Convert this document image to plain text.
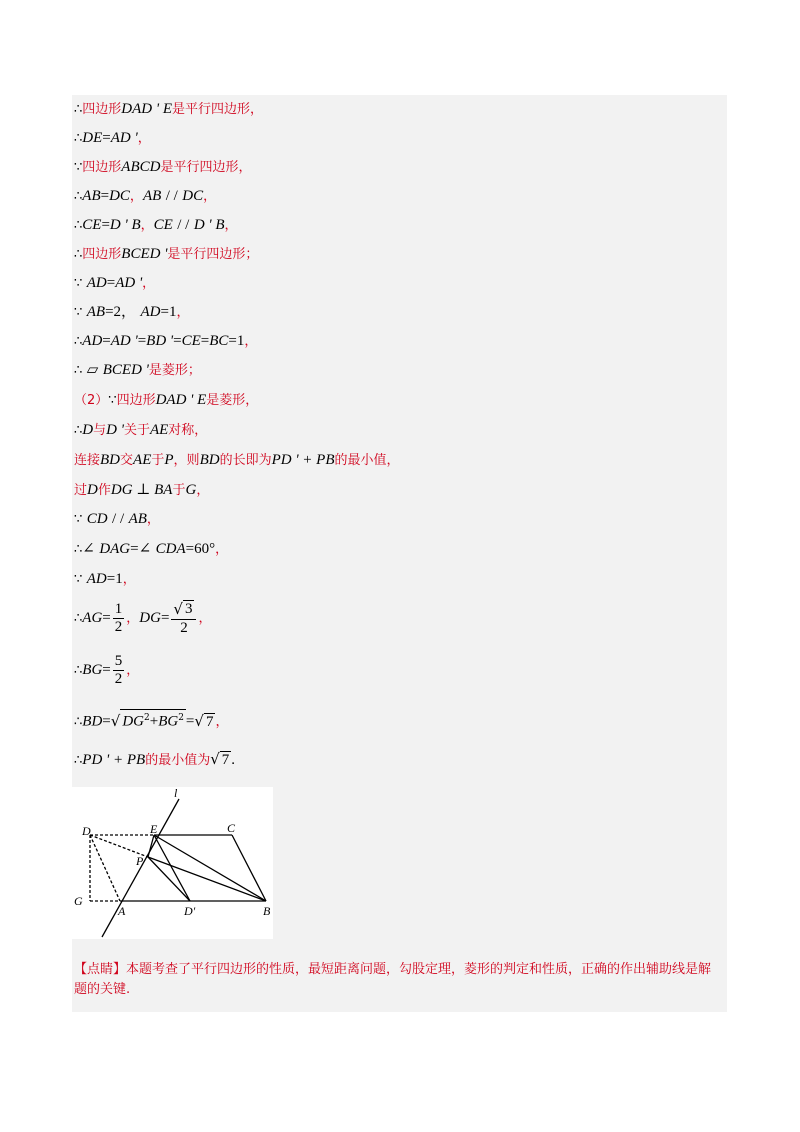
∴四边形DAD ' E是平行四边形，
∴DE=AD '，
∵四边形ABCD是平行四边形，
∴AB=DC，AB / / DC，
∴CE=D ' B，CE / / D ' B，
∴四边形BCED '是平行四边形；
∵ AD=AD '，
∵ AB=2， AD=1，
∴AD=AD '=BD '=CE=BC=1，
∴ ▱ BCED '是菱形；
（2）∵四边形DAD ' E是菱形，
∴D与D '关于AE对称，
连接BD交AE于P，则BD的长即为PD ' + PB的最小值，
过D作DG ⊥ BA于G，
∵ CD / / AB，
∴∠ DAG=∠ CDA=60°，
∵ AD=1，
∴AG= $\frac{1}{2}$ ，$DG= \frac{√ 3}{2}$ ，
∴BG= $\frac{5}{2}$ ，
∴BD= √ $DG^2+BG^2$ = √ 7 ，
∴PD ' + PB的最小值为 √ 7 .
l
D	E	C
P
G
A	D'	B
【点睛】本题考查了平行四边形的性质，最短距离问题，勾股定理，菱形的判定和性质，正确的作出辅助线是解题的关键.
